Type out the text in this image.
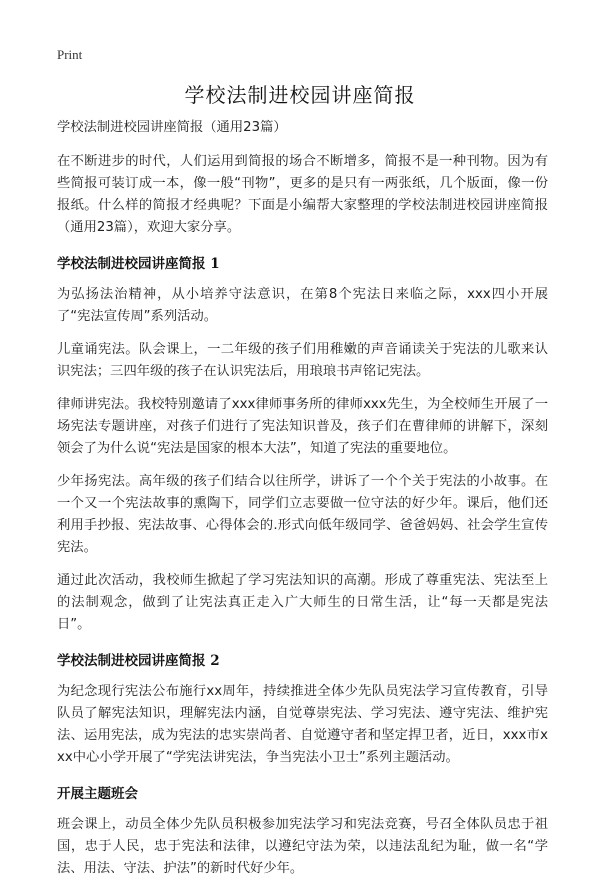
Print
学校法制进校园讲座简报

学校法制进校园讲座简报（通用23篇）

在不断进步的时代，人们运用到简报的场合不断增多，简报不是一种刊物。因为有些简报可装订成一本，像一般“刊物”，更多的是只有一两张纸，几个版面，像一份报纸。什么样的简报才经典呢？下面是小编帮大家整理的学校法制进校园讲座简报（通用23篇），欢迎大家分享。

学校法制进校园讲座简报 1

为弘扬法治精神，从小培养守法意识，在第8个宪法日来临之际，xxx四小开展了“宪法宣传周”系列活动。

儿童诵宪法。队会课上，一二年级的孩子们用稚嫩的声音诵读关于宪法的儿歌来认识宪法；三四年级的孩子在认识宪法后，用琅琅书声铭记宪法。

律师讲宪法。我校特别邀请了xxx律师事务所的律师xxx先生，为全校师生开展了一场宪法专题讲座，对孩子们进行了宪法知识普及，孩子们在曹律师的讲解下，深刻领会了为什么说“宪法是国家的根本大法”，知道了宪法的重要地位。

少年扬宪法。高年级的孩子们结合以往所学，讲诉了一个个关于宪法的小故事。在一个又一个宪法故事的熏陶下，同学们立志要做一位守法的好少年。课后，他们还利用手抄报、宪法故事、心得体会的.形式向低年级同学、爸爸妈妈、社会学生宣传宪法。

通过此次活动，我校师生掀起了学习宪法知识的高潮。形成了尊重宪法、宪法至上的法制观念，做到了让宪法真正走入广大师生的日常生活，让“每一天都是宪法日”。

学校法制进校园讲座简报 2

为纪念现行宪法公布施行xx周年，持续推进全体少先队员宪法学习宣传教育，引导队员了解宪法知识，理解宪法内涵，自觉尊崇宪法、学习宪法、遵守宪法、维护宪法、运用宪法，成为宪法的忠实崇尚者、自觉遵守者和坚定捍卫者，近日，xxx市xxx中心小学开展了“学宪法讲宪法，争当宪法小卫士”系列主题活动。

开展主题班会

班会课上，动员全体少先队员积极参加宪法学习和宪法竞赛，号召全体队员忠于祖国，忠于人民，忠于宪法和法律，以遵纪守法为荣，以违法乱纪为耻，做一名“学法、用法、守法、护法”的新时代好少年。
